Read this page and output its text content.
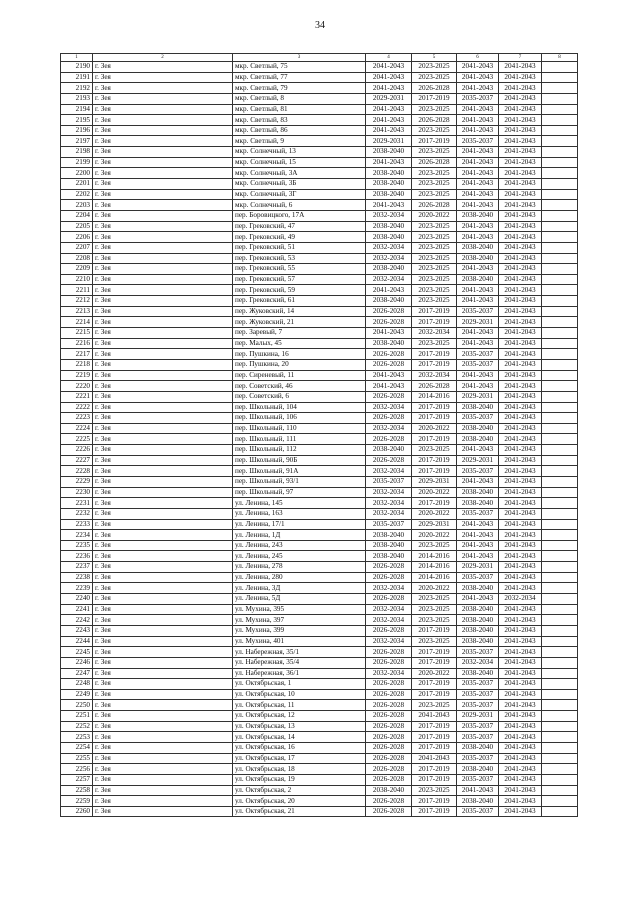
34
1	2	3	4	5	6	7	8
2190	г. Зея	мкр. Светлый, 75	2041-2043	2023-2025	2041-2043	2041-2043	
2191	г. Зея	мкр. Светлый, 77	2041-2043	2023-2025	2041-2043	2041-2043	
2192	г. Зея	мкр. Светлый, 79	2041-2043	2026-2028	2041-2043	2041-2043	
2193	г. Зея	мкр. Светлый, 8	2029-2031	2017-2019	2035-2037	2041-2043	
2194	г. Зея	мкр. Светлый, 81	2041-2043	2023-2025	2041-2043	2041-2043	
2195	г. Зея	мкр. Светлый, 83	2041-2043	2026-2028	2041-2043	2041-2043	
2196	г. Зея	мкр. Светлый, 86	2041-2043	2023-2025	2041-2043	2041-2043	
2197	г. Зея	мкр. Светлый, 9	2029-2031	2017-2019	2035-2037	2041-2043	
2198	г. Зея	мкр. Солнечный, 13	2038-2040	2023-2025	2041-2043	2041-2043	
2199	г. Зея	мкр. Солнечный, 15	2041-2043	2026-2028	2041-2043	2041-2043	
2200	г. Зея	мкр. Солнечный, 3А	2038-2040	2023-2025	2041-2043	2041-2043	
2201	г. Зея	мкр. Солнечный, 3Б	2038-2040	2023-2025	2041-2043	2041-2043	
2202	г. Зея	мкр. Солнечный, 3Г	2038-2040	2023-2025	2041-2043	2041-2043	
2203	г. Зея	мкр. Солнечный, 6	2041-2043	2026-2028	2041-2043	2041-2043	
2204	г. Зея	пер. Боровицкого, 17А	2032-2034	2020-2022	2038-2040	2041-2043	
2205	г. Зея	пер. Грековский, 47	2038-2040	2023-2025	2041-2043	2041-2043	
2206	г. Зея	пер. Грековский, 49	2038-2040	2023-2025	2041-2043	2041-2043	
2207	г. Зея	пер. Грековский, 51	2032-2034	2023-2025	2038-2040	2041-2043	
2208	г. Зея	пер. Грековский, 53	2032-2034	2023-2025	2038-2040	2041-2043	
2209	г. Зея	пер. Грековский, 55	2038-2040	2023-2025	2041-2043	2041-2043	
2210	г. Зея	пер. Грековский, 57	2032-2034	2023-2025	2038-2040	2041-2043	
2211	г. Зея	пер. Грековский, 59	2041-2043	2023-2025	2041-2043	2041-2043	
2212	г. Зея	пер. Грековский, 61	2038-2040	2023-2025	2041-2043	2041-2043	
2213	г. Зея	пер. Жуковский, 14	2026-2028	2017-2019	2035-2037	2041-2043	
2214	г. Зея	пер. Жуковский, 21	2026-2028	2017-2019	2029-2031	2041-2043	
2215	г. Зея	пер. Заревый, 7	2041-2043	2032-2034	2041-2043	2041-2043	
2216	г. Зея	пер. Малых, 45	2038-2040	2023-2025	2041-2043	2041-2043	
2217	г. Зея	пер. Пушкина, 16	2026-2028	2017-2019	2035-2037	2041-2043	
2218	г. Зея	пер. Пушкина, 20	2026-2028	2017-2019	2035-2037	2041-2043	
2219	г. Зея	пер. Сиреневый, 11	2041-2043	2032-2034	2041-2043	2041-2043	
2220	г. Зея	пер. Советский, 46	2041-2043	2026-2028	2041-2043	2041-2043	
2221	г. Зея	пер. Советский, 6	2026-2028	2014-2016	2029-2031	2041-2043	
2222	г. Зея	пер. Школьный, 104	2032-2034	2017-2019	2038-2040	2041-2043	
2223	г. Зея	пер. Школьный, 106	2026-2028	2017-2019	2035-2037	2041-2043	
2224	г. Зея	пер. Школьный, 110	2032-2034	2020-2022	2038-2040	2041-2043	
2225	г. Зея	пер. Школьный, 111	2026-2028	2017-2019	2038-2040	2041-2043	
2226	г. Зея	пер. Школьный, 112	2038-2040	2023-2025	2041-2043	2041-2043	
2227	г. Зея	пер. Школьный, 90Б	2026-2028	2017-2019	2029-2031	2041-2043	
2228	г. Зея	пер. Школьный, 91А	2032-2034	2017-2019	2035-2037	2041-2043	
2229	г. Зея	пер. Школьный, 93/1	2035-2037	2029-2031	2041-2043	2041-2043	
2230	г. Зея	пер. Школьный, 97	2032-2034	2020-2022	2038-2040	2041-2043	
2231	г. Зея	ул. Ленина, 145	2032-2034	2017-2019	2038-2040	2041-2043	
2232	г. Зея	ул. Ленина, 163	2032-2034	2020-2022	2035-2037	2041-2043	
2233	г. Зея	ул. Ленина, 17/1	2035-2037	2029-2031	2041-2043	2041-2043	
2234	г. Зея	ул. Ленина, 1Д	2038-2040	2020-2022	2041-2043	2041-2043	
2235	г. Зея	ул. Ленина, 243	2038-2040	2023-2025	2041-2043	2041-2043	
2236	г. Зея	ул. Ленина, 245	2038-2040	2014-2016	2041-2043	2041-2043	
2237	г. Зея	ул. Ленина, 278	2026-2028	2014-2016	2029-2031	2041-2043	
2238	г. Зея	ул. Ленина, 280	2026-2028	2014-2016	2035-2037	2041-2043	
2239	г. Зея	ул. Ленина, 3Д	2032-2034	2020-2022	2038-2040	2041-2043	
2240	г. Зея	ул. Ленина, 5Д	2026-2028	2023-2025	2041-2043	2032-2034	
2241	г. Зея	ул. Мухина, 395	2032-2034	2023-2025	2038-2040	2041-2043	
2242	г. Зея	ул. Мухина, 397	2032-2034	2023-2025	2038-2040	2041-2043	
2243	г. Зея	ул. Мухина, 399	2026-2028	2017-2019	2038-2040	2041-2043	
2244	г. Зея	ул. Мухина, 401	2032-2034	2023-2025	2038-2040	2041-2043	
2245	г. Зея	ул. Набережная, 35/1	2026-2028	2017-2019	2035-2037	2041-2043	
2246	г. Зея	ул. Набережная, 35/4	2026-2028	2017-2019	2032-2034	2041-2043	
2247	г. Зея	ул. Набережная, 36/1	2032-2034	2020-2022	2038-2040	2041-2043	
2248	г. Зея	ул. Октябрьская, 1	2026-2028	2017-2019	2035-2037	2041-2043	
2249	г. Зея	ул. Октябрьская, 10	2026-2028	2017-2019	2035-2037	2041-2043	
2250	г. Зея	ул. Октябрьская, 11	2026-2028	2023-2025	2035-2037	2041-2043	
2251	г. Зея	ул. Октябрьская, 12	2026-2028	2041-2043	2029-2031	2041-2043	
2252	г. Зея	ул. Октябрьская, 13	2026-2028	2017-2019	2035-2037	2041-2043	
2253	г. Зея	ул. Октябрьская, 14	2026-2028	2017-2019	2035-2037	2041-2043	
2254	г. Зея	ул. Октябрьская, 16	2026-2028	2017-2019	2038-2040	2041-2043	
2255	г. Зея	ул. Октябрьская, 17	2026-2028	2041-2043	2035-2037	2041-2043	
2256	г. Зея	ул. Октябрьская, 18	2026-2028	2017-2019	2038-2040	2041-2043	
2257	г. Зея	ул. Октябрьская, 19	2026-2028	2017-2019	2035-2037	2041-2043	
2258	г. Зея	ул. Октябрьская, 2	2038-2040	2023-2025	2041-2043	2041-2043	
2259	г. Зея	ул. Октябрьская, 20	2026-2028	2017-2019	2038-2040	2041-2043	
2260	г. Зея	ул. Октябрьская, 21	2026-2028	2017-2019	2035-2037	2041-2043	
